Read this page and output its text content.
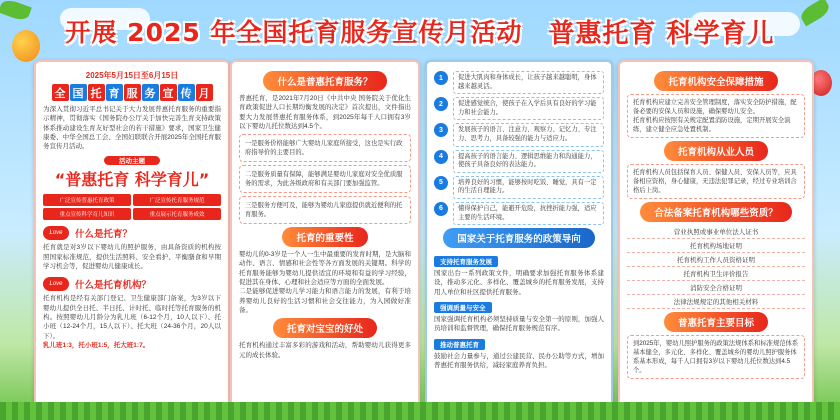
开展 2025 年全国托育服务宣传月活动 普惠托育 科学育儿
2025年5月15日至6月15日
全 国 托 育 服 务 宣 传 月

为深入贯彻习近平总书记关于大力发展普惠托育服务的重要指示精神，贯彻落实《国务院办公厅关于加快完善生育支持政策体系推动建设生育友好型社会的若干措施》要求，国家卫生健康委、中华全国总工会、全国妇联联合开展2025年全国托育服务宣传月活动。

活动主题
“普惠托育 科学育儿”
广泛宣传普惠托育政策	广泛宣传托育服务规范
重点宣传科学育儿知识	重点展示托育服务成效
Love	什么是托育？

托育就是对3岁以下婴幼儿的照护服务，由具备资质的机构按照国家标准规范，提供生活照料、安全看护、平衡膳食和早期学习机会等，促进婴幼儿健康成长。

Love	什么是托育机构？

托育机构是经有关部门登记、卫生健康部门备案，为3岁以下婴幼儿提供全日托、半日托、计时托、临时托等托育服务的机构。按照婴幼儿月龄分为乳儿班（6-12个月，10人以下）、托小班（12-24个月，15人以下）、托大班（24-36个月，20人以下）。

乳儿班1:3，托小班1:5，托大班1:7。

什么是普惠托育服务？

普惠托育，是2021年7月20日《中共中央 国务院关于优化生育政策促进人口长期均衡发展的决定》首次提出，文件指出要大力发展普惠托育服务体系，到2025年每千人口拥有3岁以下婴幼儿托位数达到4.5个。

一是服务价格能够广大婴幼儿家庭所接受，这也是实行政府指导价的主要目的。
二是服务质量有保障，能够满足婴幼儿家庭对安全优质服务的需求，为此各级政府和有关部门要加强监管。
三是服务方便可及，能够为婴幼儿家庭提供就近便利的托育服务。
托育的重要性

婴幼儿的0-3岁是一个人一生中最重要的发育时期，是大脑和动作、语言、情感和社会性等各方面发展的关键期。科学的托育服务能够为婴幼儿提供适宜的环境和有益的学习经验，促进其在身体、心理和社会适应等方面的全面发展。

二是能够促进婴幼儿学习能力和语言能力的发展，有利于培养婴幼儿良好的生活习惯和社会交往能力，为入园做好准备。

托育对宝宝的好处

托育机构通过丰富多彩的游戏和活动，帮助婴幼儿获得更多元的成长体验。

1	促进大肌肉和身体成长，让孩子越来越聪明，身体越来越灵活。
2	促进感觉统合，使孩子在入学后具有良好的学习能力和社会能力。
3	发展孩子的语言、注意力、观察力、记忆力、专注力、思考力，具备较强的能力与适应力。
4	提高孩子的语言能力、逻辑思维能力和沟通能力，使孩子具备良好的表达能力。
5	培养良好的习惯，能够按时吃饭、睡觉，具有一定的生活自理能力。
6	懂得保护自己，能避开危险，抗挫折能力强，适应主要的生活环境。
国家关于托育服务的政策导向
支持托育服务发展

国家出台一系列政策文件，明确要求加强托育服务体系建设，推动多元化、多样化、覆盖城乡的托育服务发展，支持用人单位和社区提供托育服务。

强调质量与安全

国家强调托育机构必须坚持质量与安全第一的原则，加强人员培训和监督管理，确保托育服务规范有序。

推动普惠托育

鼓励社会力量参与，通过公建民营、民办公助等方式，增加普惠托育服务供给，减轻家庭养育负担。

托育机构安全保障措施

托育机构应建立完善安全管理制度，落实安全防护措施，配备必要的安保人员和设施，确保婴幼儿安全。

托育机构应按照有关规定配置消防设施，定期开展安全演练，建立健全应急处置机制。

托育机构从业人员

托育机构人员包括保育人员、保健人员、安保人员等，应具备相应资格，身心健康，无违法犯罪记录，经过专业培训合格后上岗。

合法备案托育机构哪些资质？
营业执照或事业单位法人证书
托育机构场地证明
托育机构工作人员资格证明
托育机构卫生评价报告
消防安全合格证明
法律法规规定的其他相关材料
普惠托育主要目标

到2025年，婴幼儿照护服务的政策法规体系和标准规范体系基本健全，多元化、多样化、覆盖城乡的婴幼儿照护服务体系基本形成，每千人口拥有3岁以下婴幼儿托位数达到4.5个。
